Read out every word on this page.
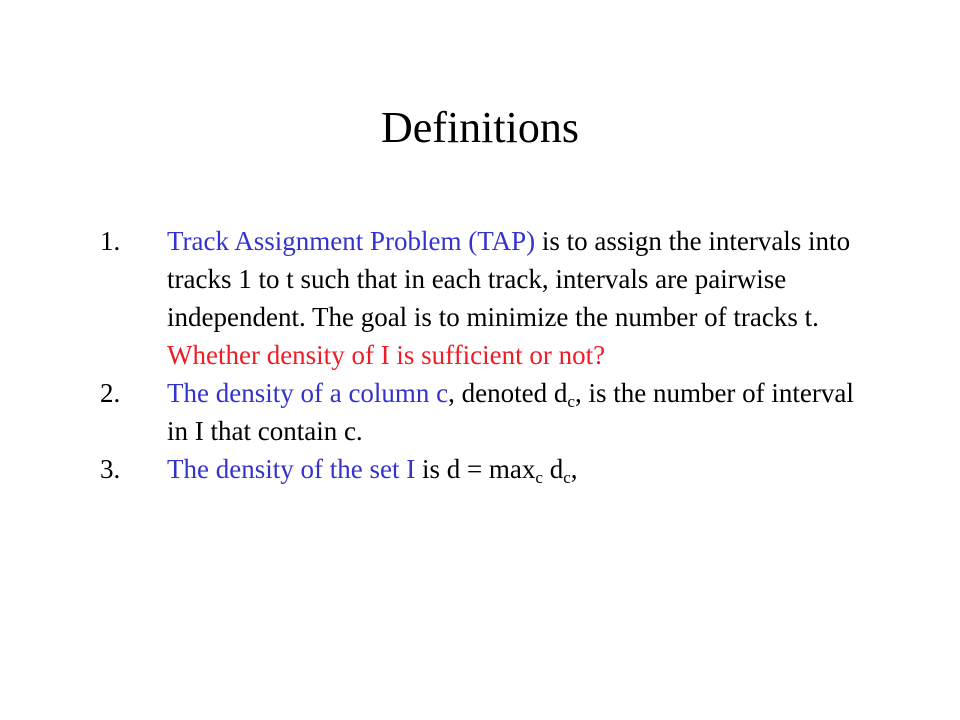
Definitions
1.	Track Assignment Problem (TAP) is to assign the intervals into tracks 1 to t such that in each track, intervals are pairwise independent. The goal is to minimize the number of tracks t. Whether density of I is sufficient or not?
2.	The density of a column c, denoted $d_c$, is the number of interval in I that contain c.
3.	The density of the set I is $d = \max_c d_c$,
